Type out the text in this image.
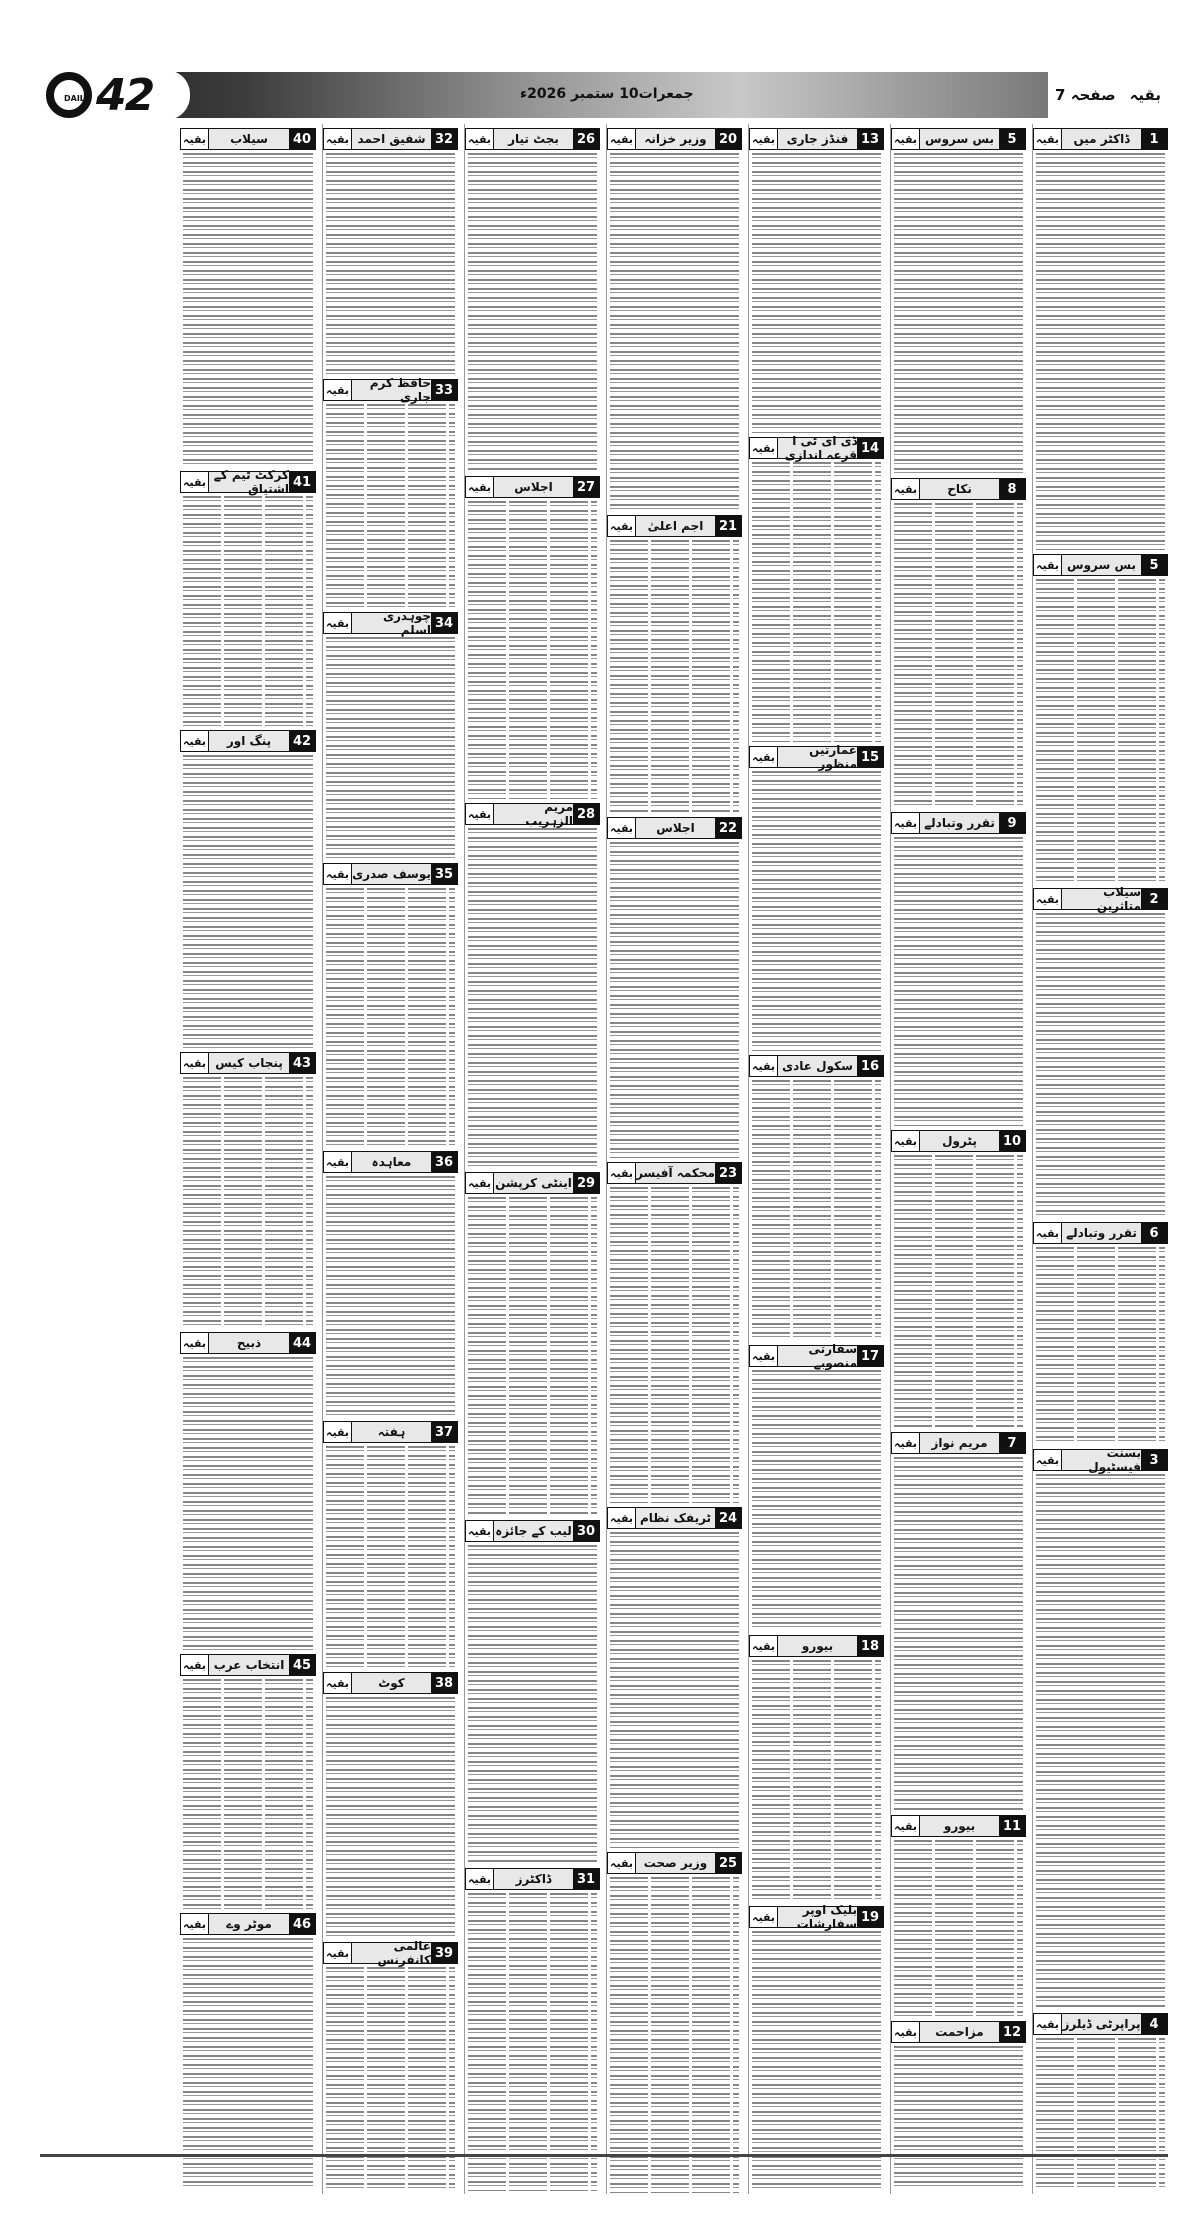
DAILY 42	جمعرات10 ستمبر 2026ء	بقیہ
صفحہ 7
1
ڈاکٹر میں
بقیہ
5
بس سروس
بقیہ
2
سیلاب متاثرین
بقیہ
6
تقرر وتبادلے
بقیہ
3
بسنت فیسٹیول
بقیہ
4
پراپرٹی ڈیلرز
بقیہ
5
بس سروس
بقیہ
8
نکاح
بقیہ
9
تقرر وتبادلے
بقیہ
10
پٹرول
بقیہ
7
مریم نواز
بقیہ
11
بیورو
بقیہ
12
مزاحمت
بقیہ
13
فنڈز جاری
بقیہ
14
ڈی ای ٹی ا قرعہ اندازی
بقیہ
15
عمارتیں منظور
بقیہ
16
سکول عادی
بقیہ
17
سفارتی منصوبے
بقیہ
18
بیورو
بقیہ
19
بلیک اوپر سفارشات
بقیہ
20
وزیر خزانہ
بقیہ
21
اجم اعلیٰ
بقیہ
22
اجلاس
بقیہ
23
محکمہ آفیسر
بقیہ
24
ٹریفک نظام
بقیہ
25
وزیر صحت
بقیہ
26
بجٹ تیار
بقیہ
27
اجلاس
بقیہ
28
مریم الزہریب
بقیہ
29
اینٹی کرپشن
بقیہ
30
لیب کے جائزہ
بقیہ
31
ڈاکٹرز
بقیہ
32
شفیق احمد
بقیہ
33
حافظ کرم جاری
بقیہ
34
چوہدری اسلم
بقیہ
35
یوسف صدری
بقیہ
36
معاہدہ
بقیہ
37
ہفتہ
بقیہ
38
کوٹ
بقیہ
39
عالمی کانفرنس
بقیہ
40
سیلاب
بقیہ
41
کرکٹ ٹیم کے اشتیاق
بقیہ
42
پنگ اور
بقیہ
43
پنجاب کیس
بقیہ
44
ذبیح
بقیہ
45
انتخاب عرب
بقیہ
46
موٹر وے
بقیہ
